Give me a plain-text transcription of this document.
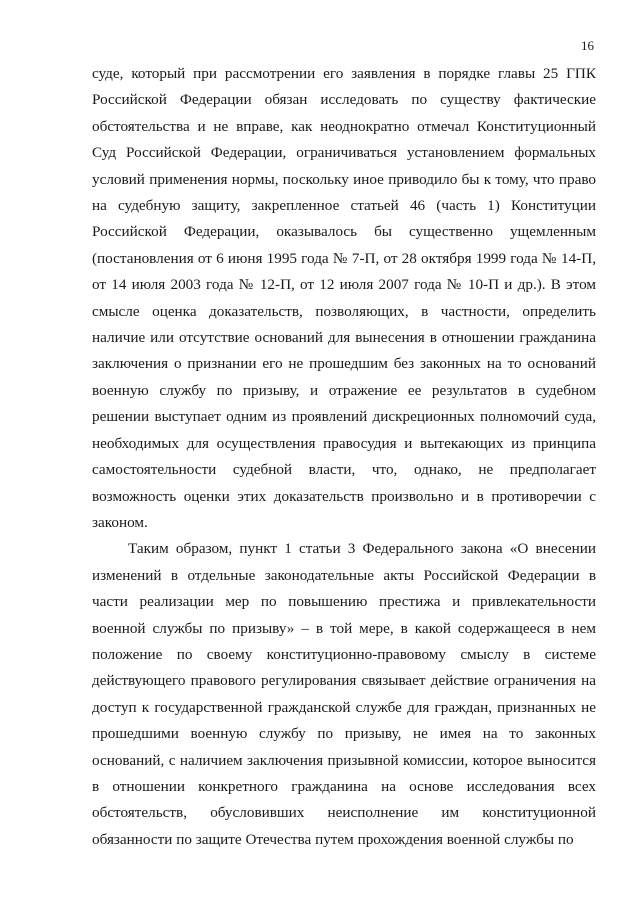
16

суде, который при рассмотрении его заявления в порядке главы 25 ГПК Российской Федерации обязан исследовать по существу фактические обстоятельства и не вправе, как неоднократно отмечал Конституционный Суд Российской Федерации, ограничиваться установлением формальных условий применения нормы, поскольку иное приводило бы к тому, что право на судебную защиту, закрепленное статьей 46 (часть 1) Конституции Российской Федерации, оказывалось бы существенно ущемленным (постановления от 6 июня 1995 года № 7-П, от 28 октября 1999 года № 14-П, от 14 июля 2003 года № 12-П, от 12 июля 2007 года № 10-П и др.). В этом смысле оценка доказательств, позволяющих, в частности, определить наличие или отсутствие оснований для вынесения в отношении гражданина заключения о признании его не прошедшим без законных на то оснований военную службу по призыву, и отражение ее результатов в судебном решении выступает одним из проявлений дискреционных полномочий суда, необходимых для осуществления правосудия и вытекающих из принципа самостоятельности судебной власти, что, однако, не предполагает возможность оценки этих доказательств произвольно и в противоречии с законом.

Таким образом, пункт 1 статьи 3 Федерального закона «О внесении изменений в отдельные законодательные акты Российской Федерации в части реализации мер по повышению престижа и привлекательности военной службы по призыву» – в той мере, в какой содержащееся в нем положение по своему конституционно-правовому смыслу в системе действующего правового регулирования связывает действие ограничения на доступ к государственной гражданской службе для граждан, признанных не прошедшими военную службу по призыву, не имея на то законных оснований, с наличием заключения призывной комиссии, которое выносится в отношении конкретного гражданина на основе исследования всех обстоятельств, обусловивших неисполнение им конституционной обязанности по защите Отечества путем прохождения военной службы по
